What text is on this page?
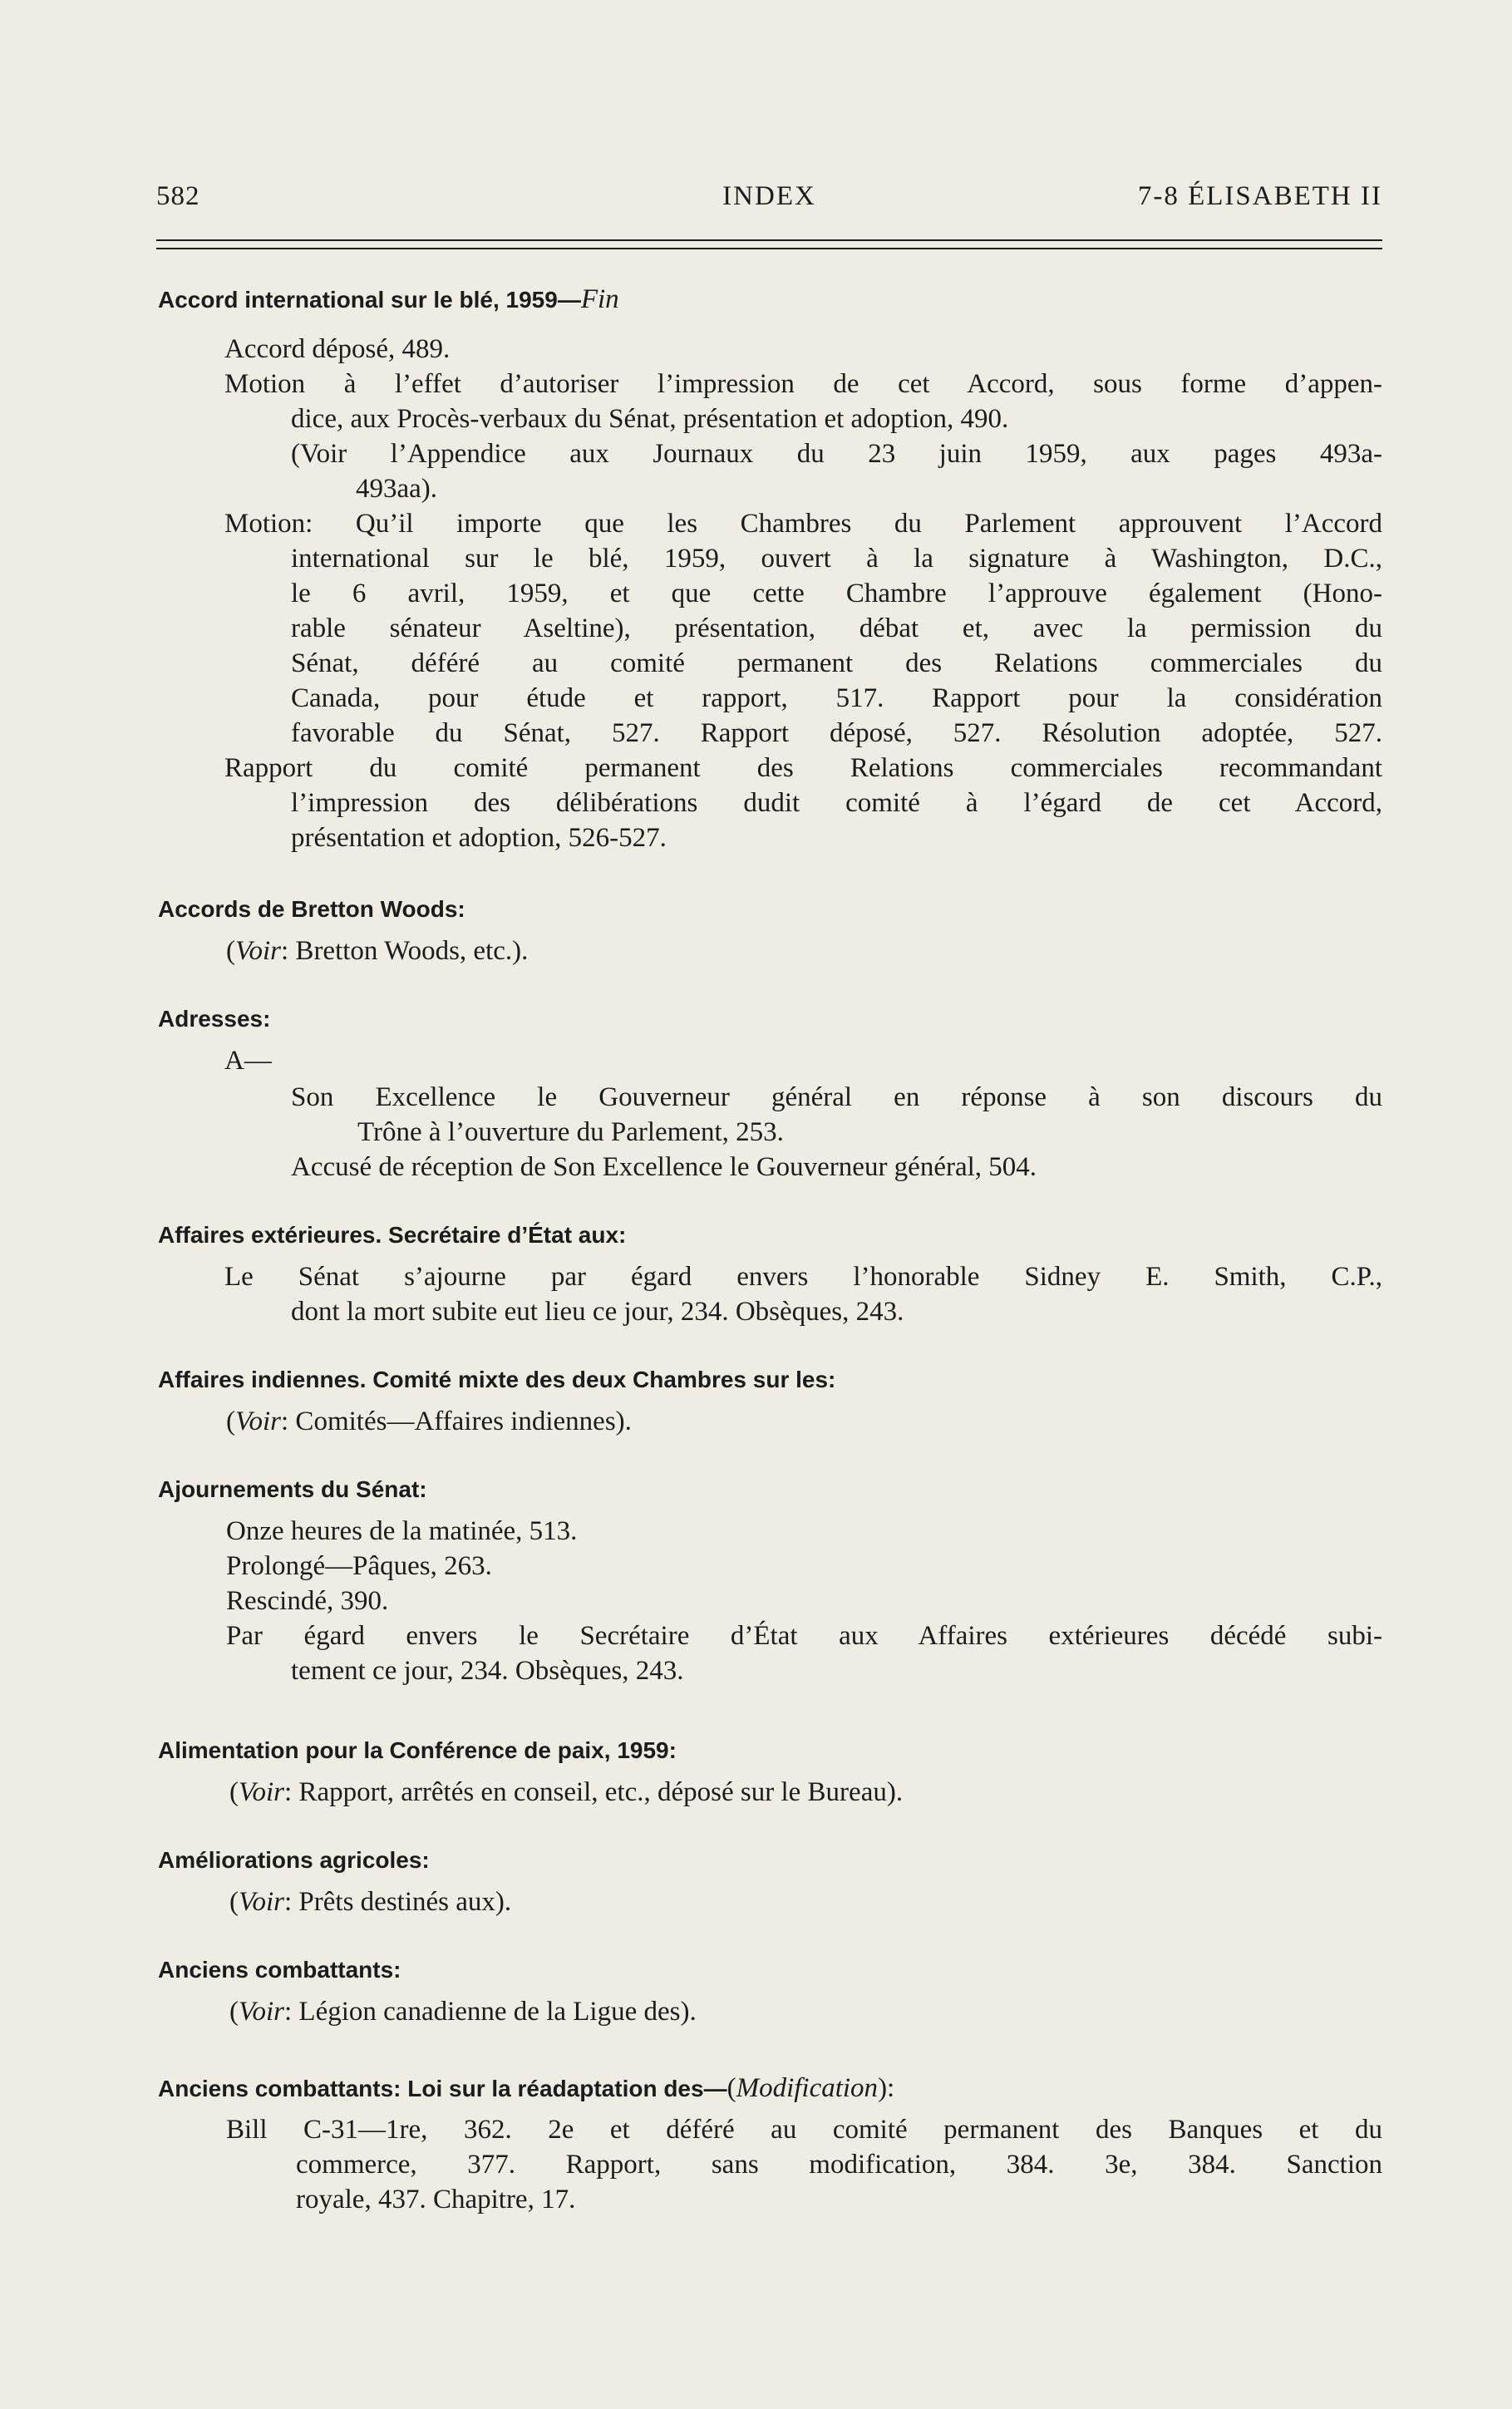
582	INDEX	7-8 ÉLISABETH II
Accord international sur le blé, 1959—Fin
Accord déposé, 489.
Motion à l’effet d’autoriser l’impression de cet Accord, sous forme d’appen-
dice, aux Procès-verbaux du Sénat, présentation et adoption, 490.
(Voir l’Appendice aux Journaux du 23 juin 1959, aux pages 493a-
493aa).
Motion: Qu’il importe que les Chambres du Parlement approuvent l’Accord
international sur le blé, 1959, ouvert à la signature à Washington, D.C.,
le 6 avril, 1959, et que cette Chambre l’approuve également (Hono-
rable sénateur Aseltine), présentation, débat et, avec la permission du
Sénat, déféré au comité permanent des Relations commerciales du
Canada, pour étude et rapport, 517. Rapport pour la considération
favorable du Sénat, 527. Rapport déposé, 527. Résolution adoptée, 527.
Rapport du comité permanent des Relations commerciales recommandant
l’impression des délibérations dudit comité à l’égard de cet Accord,
présentation et adoption, 526-527.
Accords de Bretton Woods:
(Voir: Bretton Woods, etc.).
Adresses:
A—
Son Excellence le Gouverneur général en réponse à son discours du
Trône à l’ouverture du Parlement, 253.
Accusé de réception de Son Excellence le Gouverneur général, 504.
Affaires extérieures. Secrétaire d’État aux:
Le Sénat s’ajourne par égard envers l’honorable Sidney E. Smith, C.P.,
dont la mort subite eut lieu ce jour, 234. Obsèques, 243.
Affaires indiennes. Comité mixte des deux Chambres sur les:
(Voir: Comités—Affaires indiennes).
Ajournements du Sénat:
Onze heures de la matinée, 513.
Prolongé—Pâques, 263.
Rescindé, 390.
Par égard envers le Secrétaire d’État aux Affaires extérieures décédé subi-
tement ce jour, 234. Obsèques, 243.
Alimentation pour la Conférence de paix, 1959:
(Voir: Rapport, arrêtés en conseil, etc., déposé sur le Bureau).
Améliorations agricoles:
(Voir: Prêts destinés aux).
Anciens combattants:
(Voir: Légion canadienne de la Ligue des).
Anciens combattants: Loi sur la réadaptation des—(Modification):
Bill C-31—1re, 362. 2e et déféré au comité permanent des Banques et du
commerce, 377. Rapport, sans modification, 384. 3e, 384. Sanction
royale, 437. Chapitre, 17.
